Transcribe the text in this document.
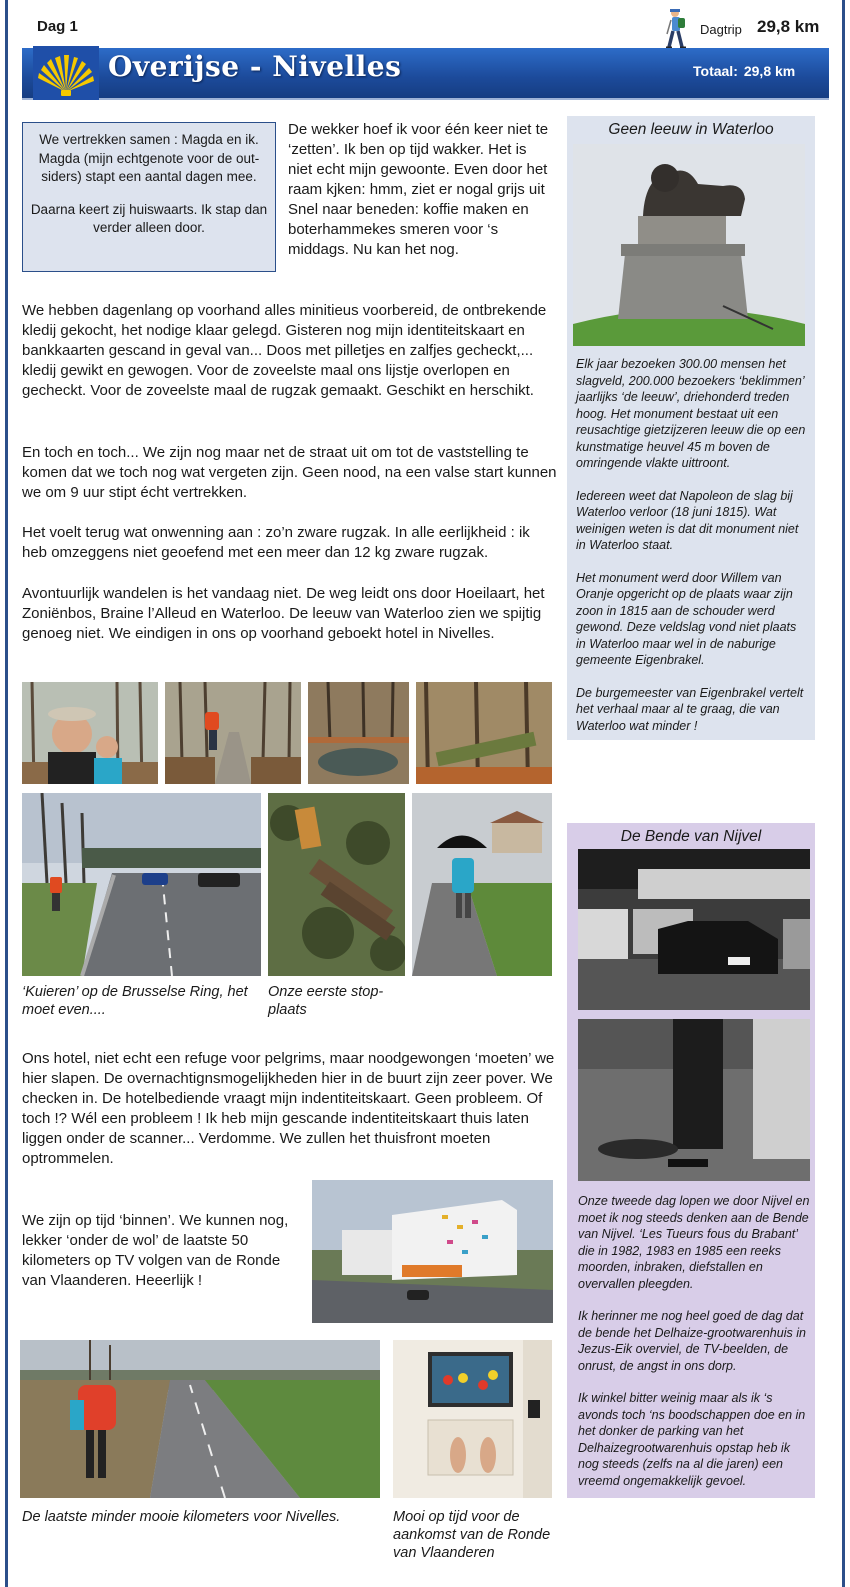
Dag 1	Dagtrip 29,8 km
Overijse - Nivelles	Totaal: 29,8 km

We vertrekken samen : Magda en ik. Magda (mijn echtgenote voor de out-siders) stapt een aantal dagen mee.

Daarna keert zij huiswaarts. Ik stap dan verder alleen door.

De wekker hoef ik voor één keer niet te ‘zetten’. Ik ben op tijd wakker. Het is niet echt mijn gewoonte. Even door het raam kjken: hmm, ziet er nogal grijs uit Snel naar beneden: koffie maken en boterhammekes smeren voor ‘s middags. Nu kan het nog.
We hebben dagenlang op voorhand alles minitieus voorbereid, de ontbrekende kledij gekocht, het nodige klaar gelegd. Gisteren nog mijn identiteitskaart en bankkaarten gescand in geval van... Doos met pilletjes en zalfjes gecheckt,... kledij gewikt en gewogen. Voor de zoveelste maal ons lijstje overlopen en gecheckt. Voor de zoveelste maal de rugzak gemaakt. Geschikt en herschikt.
En toch en toch... We zijn nog maar net de straat uit om tot de vaststelling te komen dat we toch nog wat vergeten zijn. Geen nood, na een valse start kunnen we om 9 uur stipt écht vertrekken.
Het voelt terug wat onwenning aan : zo’n zware rugzak. In alle eerlijkheid : ik heb omzeggens niet geoefend met een meer dan 12 kg zware rugzak.
Avontuurlijk wandelen is het vandaag niet. De weg leidt ons door Hoeilaart, het Zoniënbos, Braine l’Alleud en Waterloo. De leeuw van Waterloo zien we spijtig genoeg niet. We eindigen in ons op voorhand geboekt hotel in Nivelles.
‘Kuieren’ op de Brusselse Ring, het moet even....
Onze eerste stop-plaats
Ons hotel, niet echt een refuge voor pelgrims, maar noodgewongen ‘moeten’ we hier slapen. De overnachtignsmogelijkheden hier in de buurt zijn zeer pover. We checken in. De hotelbediende vraagt mijn indentiteitskaart. Geen probleem. Of toch !? Wél een probleem ! Ik heb mijn gescande indentiteitskaart thuis laten liggen onder de scanner... Verdomme. We zullen het thuisfront moeten optrommelen.
We zijn op tijd ‘binnen’. We kunnen nog, lekker ‘onder de wol’ de laatste 50 kilometers op TV volgen van de Ronde van Vlaanderen. Heeerlijk !
De laatste minder mooie kilometers voor Nivelles.	Mooi op tijd voor de aankomst van de Ronde van Vlaanderen
Geen leeuw in Waterloo

Elk jaar bezoeken 300.00 mensen het slagveld, 200.000 bezoekers ‘beklimmen’ jaarlijks ‘de leeuw’, driehonderd treden hoog. Het monument bestaat uit een reusachtige gietzijzeren leeuw die op een kunstmatige heuvel 45 m boven de omringende vlakte uittroont.

Iedereen weet dat Napoleon de slag bij Waterloo verloor (18 juni 1815). Wat weinigen weten is dat dit monument niet in Waterloo staat.

Het monument werd door Willem van Oranje opgericht op de plaats waar zijn zoon in 1815 aan de schouder werd gewond. Deze veldslag vond niet plaats in Waterloo maar wel in de naburige gemeente Eigenbrakel.

De burgemeester van Eigenbrakel vertelt het verhaal maar al te graag, die van Waterloo wat minder !

De Bende van Nijvel

Onze tweede dag lopen we door Nijvel en moet ik nog steeds denken aan de Bende van Nijvel. ‘Les Tueurs fous du Brabant’ die in 1982, 1983 en 1985 een reeks moorden, inbraken, diefstallen en overvallen pleegden.

Ik herinner me nog heel goed de dag dat de bende het Delhaize-grootwarenhuis in Jezus-Eik overviel, de TV-beelden, de onrust, de angst in ons dorp.

Ik winkel bitter weinig maar als ik ‘s avonds toch ‘ns boodschappen doe en in het donker de parking van het Delhaizegrootwarenhuis opstap heb ik nog steeds (zelfs na al die jaren) een vreemd ongemakkelijk gevoel.
